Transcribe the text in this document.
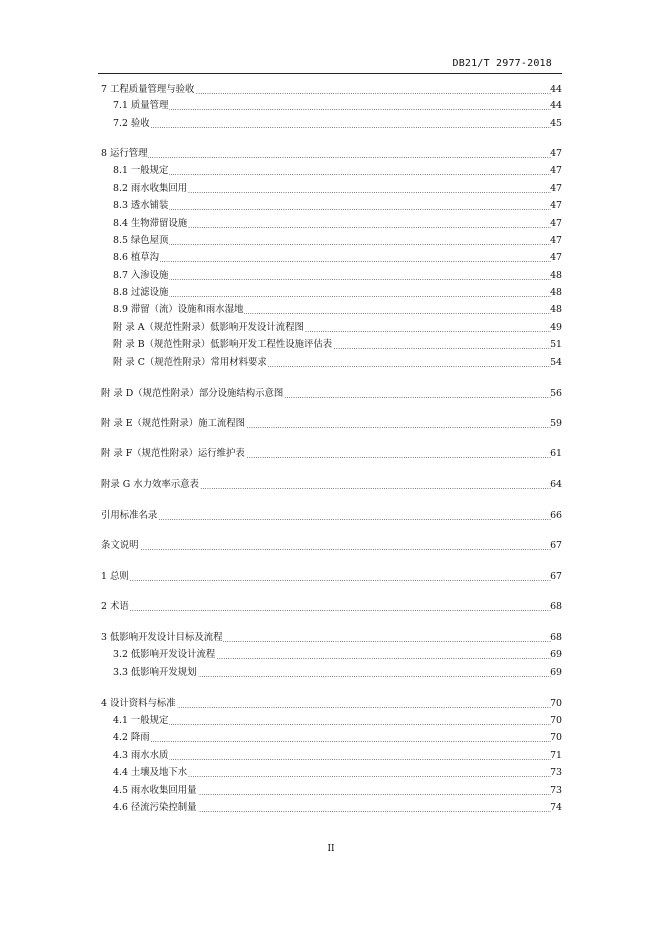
DB21/T 2977-2018
.....
7 工程质量管理与验收	44
.....
7.1 质量管理	44
.....
7.2 验收	45
.....
8 运行管理	47
.....
8.1 一般规定	47
.....
8.2 雨水收集回用	47
.....
8.3 透水铺装	47
.....
8.4 生物滞留设施	47
.....
8.5 绿色屋顶	47
.....
8.6 植草沟	47
.....
8.7 入渗设施	48
.....
8.8 过滤设施	48
.....
8.9 滞留（流）设施和雨水湿地	48
.....
附 录 A（规范性附录）低影响开发设计流程图	49
.....
附 录 B（规范性附录）低影响开发工程性设施评估表	51
.....
附 录 C（规范性附录）常用材料要求	54
.....
附 录 D（规范性附录）部分设施结构示意图	56
.....
附 录 E（规范性附录）施工流程图	59
.....
附 录 F（规范性附录）运行维护表	61
.....
附录 G 水力效率示意表	64
.....
引用标准名录	66
.....
条文说明	67
.....
1 总则	67
.....
2 术语	68
.....
3 低影响开发设计目标及流程	68
.....
3.2 低影响开发设计流程	69
.....
3.3 低影响开发规划	69
.....
4 设计资料与标准	70
.....
4.1 一般规定	70
.....
4.2 降雨	70
.....
4.3 雨水水质	71
.....
4.4 土壤及地下水	73
.....
4.5 雨水收集回用量	73
.....
4.6 径流污染控制量	74
II
